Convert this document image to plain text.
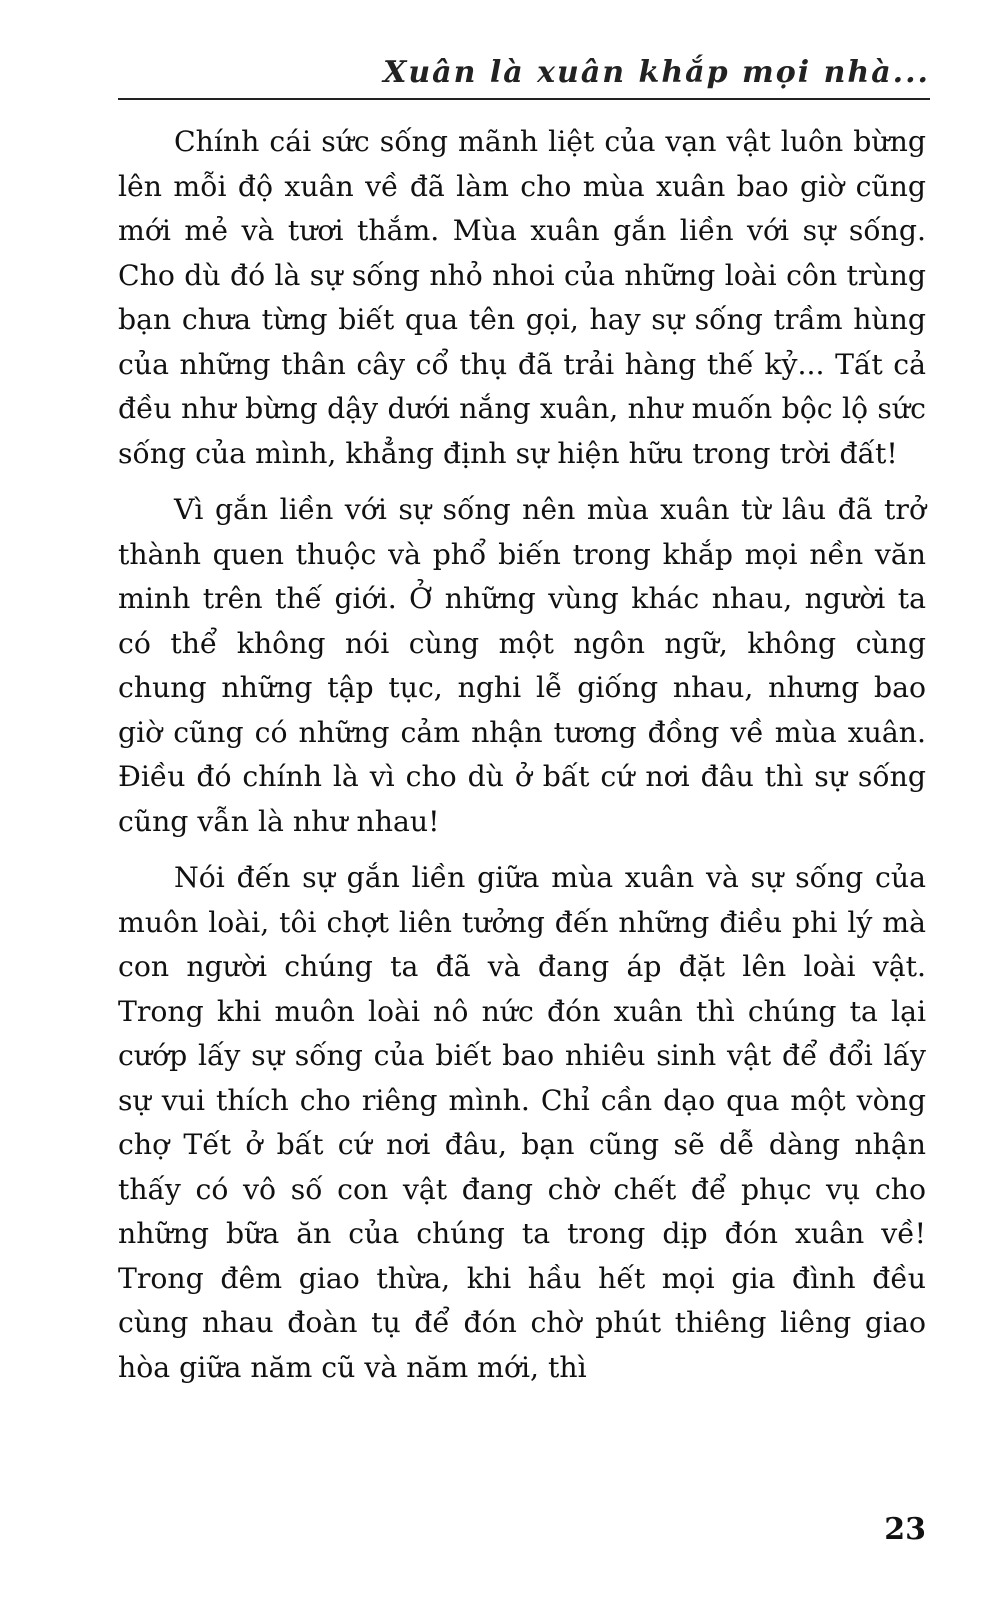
Xuân là xuân khắp mọi nhà...

Chính cái sức sống mãnh liệt của vạn vật luôn bừng lên mỗi độ xuân về đã làm cho mùa xuân bao giờ cũng mới mẻ và tươi thắm. Mùa xuân gắn liền với sự sống. Cho dù đó là sự sống nhỏ nhoi của những loài côn trùng bạn chưa từng biết qua tên gọi, hay sự sống trầm hùng của những thân cây cổ thụ đã trải hàng thế kỷ... Tất cả đều như bừng dậy dưới nắng xuân, như muốn bộc lộ sức sống của mình, khẳng định sự hiện hữu trong trời đất!

Vì gắn liền với sự sống nên mùa xuân từ lâu đã trở thành quen thuộc và phổ biến trong khắp mọi nền văn minh trên thế giới. Ở những vùng khác nhau, người ta có thể không nói cùng một ngôn ngữ, không cùng chung những tập tục, nghi lễ giống nhau, nhưng bao giờ cũng có những cảm nhận tương đồng về mùa xuân. Điều đó chính là vì cho dù ở bất cứ nơi đâu thì sự sống cũng vẫn là như nhau!

Nói đến sự gắn liền giữa mùa xuân và sự sống của muôn loài, tôi chợt liên tưởng đến những điều phi lý mà con người chúng ta đã và đang áp đặt lên loài vật. Trong khi muôn loài nô nức đón xuân thì chúng ta lại cướp lấy sự sống của biết bao nhiêu sinh vật để đổi lấy sự vui thích cho riêng mình. Chỉ cần dạo qua một vòng chợ Tết ở bất cứ nơi đâu, bạn cũng sẽ dễ dàng nhận thấy có vô số con vật đang chờ chết để phục vụ cho những bữa ăn của chúng ta trong dịp đón xuân về! Trong đêm giao thừa, khi hầu hết mọi gia đình đều cùng nhau đoàn tụ để đón chờ phút thiêng liêng giao hòa giữa năm cũ và năm mới, thì

23
